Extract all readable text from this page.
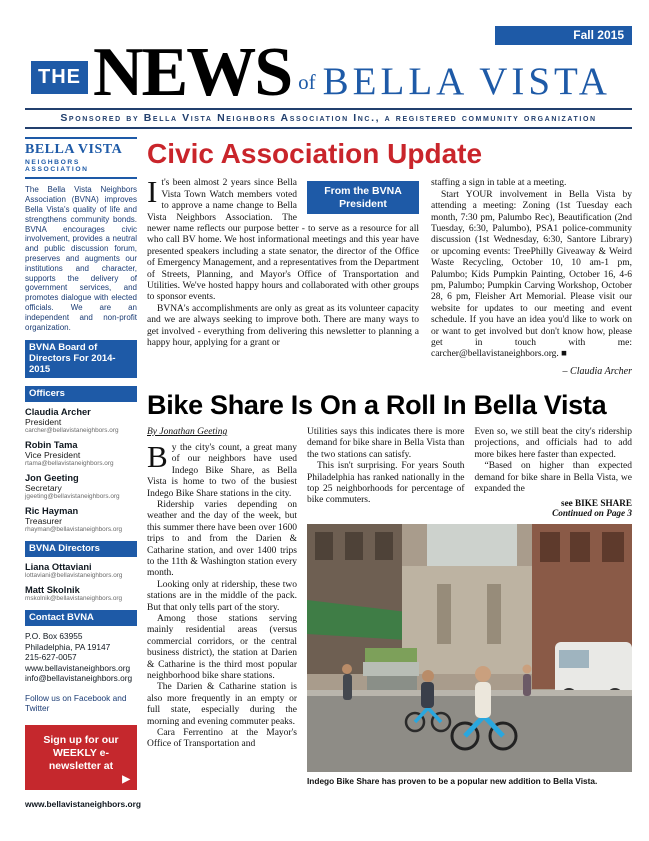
Fall 2015
THE NEWS of BELLA VISTA
Sponsored by Bella Vista Neighbors Association Inc., a registered community organization
BELLA VISTA
NEIGHBORS ASSOCIATION
The Bella Vista Neighbors Association (BVNA) improves Bella Vista's quality of life and strengthens community bonds. BVNA encourages civic involvement, provides a neutral and public discussion forum, preserves and augments our institutions and character, supports the delivery of government services, and promotes dialogue with elected officials. We are an independent and non-profit organization.
BVNA Board of Directors For 2014-2015
Officers
Claudia Archer
President
carcher@bellavistaneighbors.org
Robin Tama
Vice President
rtama@bellavistaneighbors.org
Jon Geeting
Secretary
jgeeting@bellavistaneighbors.org
Ric Hayman
Treasurer
rhayman@bellavistaneighbors.org
BVNA Directors
Liana Ottaviani
lottaviani@bellavistaneighbors.org
Matt Skolnik
mskolnik@bellavistaneighbors.org
Contact BVNA
P.O. Box 63955
Philadelphia, PA 19147
215-627-0057
www.bellavistaneighbors.org
info@bellavistaneighbors.org
Follow us on Facebook and Twitter
Sign up for our WEEKLY e-newsletter at
▶
www.bellavistaneighbors.org
Civic Association Update
From the BVNA President

It's been almost 2 years since Bella Vista Town Watch members voted to approve a name change to Bella Vista Neighbors Association. The newer name reflects our purpose better - to serve as a resource for all who call BV home. We host informational meetings and this year have presented speakers including a state senator, the director of the Office of Emergency Management, and a representatives from the Department of Streets, Planning, and Mayor's Office of Transportation and Utilities. We've hosted happy hours and collaborated with other groups to sponsor events.

BVNA's accomplishments are only as great as its volunteer capacity and we are always seeking to improve both. There are many ways to get involved - everything from delivering this newsletter to planning a happy hour, applying for a grant or

staffing a sign in table at a meeting.

Start YOUR involvement in Bella Vista by attending a meeting: Zoning (1st Tuesday each month, 7:30 pm, Palumbo Rec), Beautification (2nd Tuesday, 6:30, Palumbo), PSA1 police-community discussion (1st Wednesday, 6:30, Santore Library) or upcoming events: TreePhilly Giveaway & Weird Waste Recycling, October 10, 10 am-1 pm, Palumbo; Kids Pumpkin Painting, October 16, 4-6 pm, Palumbo; Pumpkin Carving Workshop, October 28, 6 pm, Fleisher Art Memorial. Please visit our website for updates to our meeting and event schedule. If you have an idea you'd like to work on or want to get involved but don't know how, please get in touch with me: carcher@bellavistaneighbors.org. ■

– Claudia Archer

Bike Share Is On a Roll In Bella Vista

By Jonathan Geeting

By the city's count, a great many of our neighbors have used Indego Bike Share, as Bella Vista is home to two of the busiest Indego Bike Share stations in the city.

Ridership varies depending on weather and the day of the week, but this summer there have been over 1600 trips to and from the Darien & Catharine station, and over 1400 trips to the 11th & Washington station every month.

Looking only at ridership, these two stations are in the middle of the pack. But that only tells part of the story.

Among those stations serving mainly residential areas (versus commercial corridors, or the central business district), the station at Darien & Catharine is the third most popular neighborhood bike share stations.

The Darien & Catharine station is also more frequently in an empty or full state, especially during the morning and evening commuter peaks.

Cara Ferrentino at the Mayor's Office of Transportation and

Utilities says this indicates there is more demand for bike share in Bella Vista than the two stations can satisfy.

This isn't surprising. For years South Philadelphia has ranked nationally in the top 25 neighborhoods for percentage of bike commuters.

Even so, we still beat the city's ridership projections, and officials had to add more bikes here faster than expected.

“Based on higher than expected demand for bike share in Bella Vista, we expanded the

see BIKE SHARE
Continued on Page 3

Indego Bike Share has proven to be a popular new addition to Bella Vista.
